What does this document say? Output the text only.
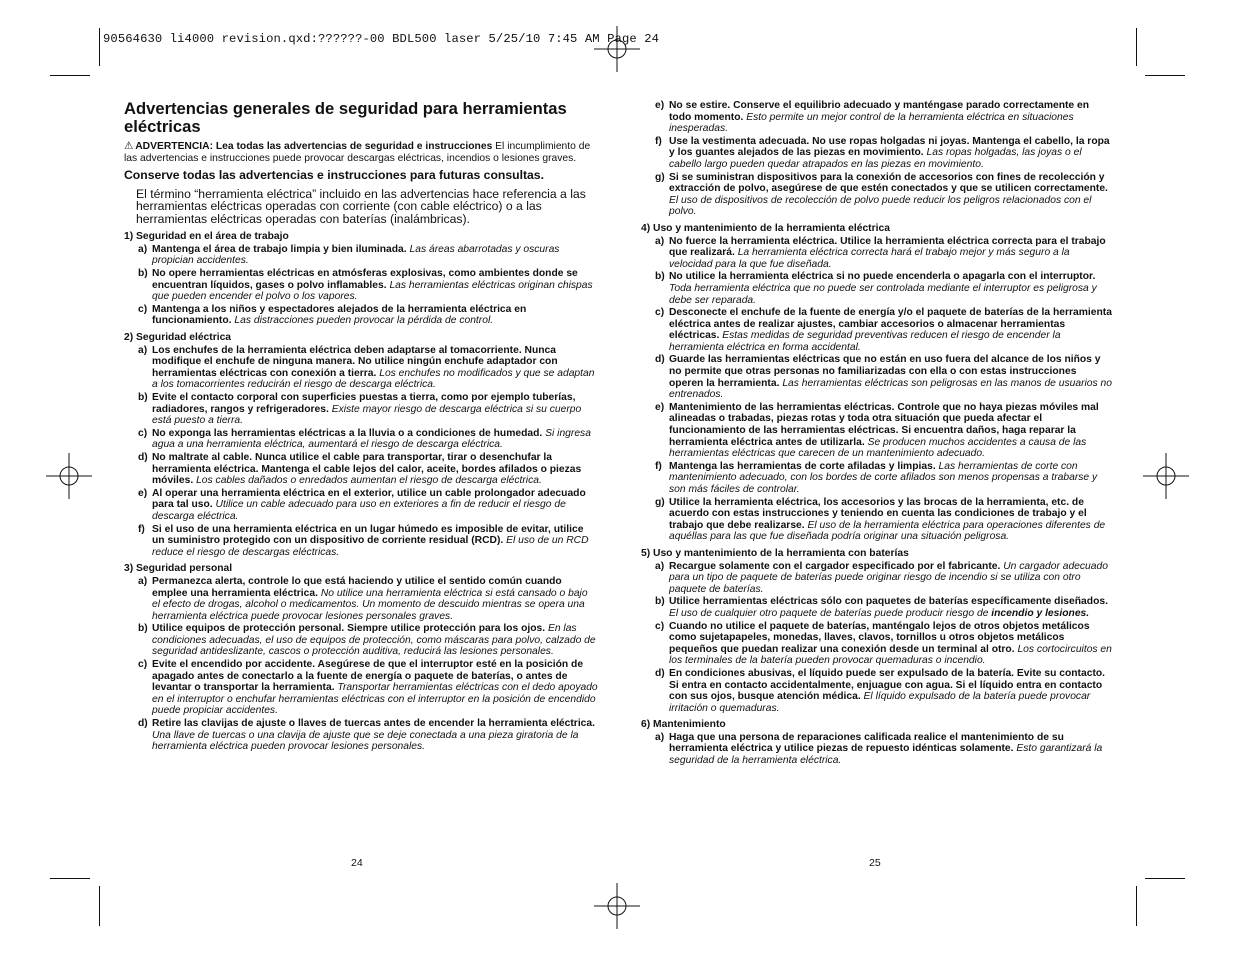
90564630 li4000 revision.qxd:??????-00 BDL500 laser 5/25/10 7:45 AM Page 24
Advertencias generales de seguridad para herramientas eléctricas
⚠ ADVERTENCIA: Lea todas las advertencias de seguridad e instrucciones El incumplimiento de las advertencias e instrucciones puede provocar descargas eléctricas, incendios o lesiones graves.
Conserve todas las advertencias e instrucciones para futuras consultas.
El término “herramienta eléctrica” incluido en las advertencias hace referencia a las herramientas eléctricas operadas con corriente (con cable eléctrico) o a las herramientas eléctricas operadas con baterías (inalámbricas).
1) Seguridad en el área de trabajo
a) Mantenga el área de trabajo limpia y bien iluminada. Las áreas abarrotadas y oscuras propician accidentes.
b) No opere herramientas eléctricas en atmósferas explosivas, como ambientes donde se encuentran líquidos, gases o polvo inflamables. Las herramientas eléctricas originan chispas que pueden encender el polvo o los vapores.
c) Mantenga a los niños y espectadores alejados de la herramienta eléctrica en funcionamiento. Las distracciones pueden provocar la pérdida de control.
2) Seguridad eléctrica
a) Los enchufes de la herramienta eléctrica deben adaptarse al tomacorriente. Nunca modifique el enchufe de ninguna manera. No utilice ningún enchufe adaptador con herramientas eléctricas con conexión a tierra. Los enchufes no modificados y que se adaptan a los tomacorrientes reducirán el riesgo de descarga eléctrica.
b) Evite el contacto corporal con superficies puestas a tierra, como por ejemplo tuberías, radiadores, rangos y refrigeradores. Existe mayor riesgo de descarga eléctrica si su cuerpo está puesto a tierra.
c) No exponga las herramientas eléctricas a la lluvia o a condiciones de humedad. Si ingresa agua a una herramienta eléctrica, aumentará el riesgo de descarga eléctrica.
d) No maltrate al cable. Nunca utilice el cable para transportar, tirar o desenchufar la herramienta eléctrica. Mantenga el cable lejos del calor, aceite, bordes afilados o piezas móviles. Los cables dañados o enredados aumentan el riesgo de descarga eléctrica.
e) Al operar una herramienta eléctrica en el exterior, utilice un cable prolongador adecuado para tal uso. Utilice un cable adecuado para uso en exteriores a fin de reducir el riesgo de descarga eléctrica.
f) Si el uso de una herramienta eléctrica en un lugar húmedo es imposible de evitar, utilice un suministro protegido con un dispositivo de corriente residual (RCD). El uso de un RCD reduce el riesgo de descargas eléctricas.
3) Seguridad personal
a) Permanezca alerta, controle lo que está haciendo y utilice el sentido común cuando emplee una herramienta eléctrica. No utilice una herramienta eléctrica si está cansado o bajo el efecto de drogas, alcohol o medicamentos. Un momento de descuido mientras se opera una herramienta eléctrica puede provocar lesiones personales graves.
b) Utilice equipos de protección personal. Siempre utilice protección para los ojos. En las condiciones adecuadas, el uso de equipos de protección, como máscaras para polvo, calzado de seguridad antideslizante, cascos o protección auditiva, reducirá las lesiones personales.
c) Evite el encendido por accidente. Asegúrese de que el interruptor esté en la posición de apagado antes de conectarlo a la fuente de energía o paquete de baterías, o antes de levantar o transportar la herramienta. Transportar herramientas eléctricas con el dedo apoyado en el interruptor o enchufar herramientas eléctricas con el interruptor en la posición de encendido puede propiciar accidentes.
d) Retire las clavijas de ajuste o llaves de tuercas antes de encender la herramienta eléctrica. Una llave de tuercas o una clavija de ajuste que se deje conectada a una pieza giratoria de la herramienta eléctrica pueden provocar lesiones personales.
24
e) No se estire. Conserve el equilibrio adecuado y manténgase parado correctamente en todo momento. Esto permite un mejor control de la herramienta eléctrica en situaciones inesperadas.
f) Use la vestimenta adecuada. No use ropas holgadas ni joyas. Mantenga el cabello, la ropa y los guantes alejados de las piezas en movimiento. Las ropas holgadas, las joyas o el cabello largo pueden quedar atrapados en las piezas en movimiento.
g) Si se suministran dispositivos para la conexión de accesorios con fines de recolección y extracción de polvo, asegúrese de que estén conectados y que se utilicen correctamente. El uso de dispositivos de recolección de polvo puede reducir los peligros relacionados con el polvo.
4) Uso y mantenimiento de la herramienta eléctrica
a) No fuerce la herramienta eléctrica. Utilice la herramienta eléctrica correcta para el trabajo que realizará. La herramienta eléctrica correcta hará el trabajo mejor y más seguro a la velocidad para la que fue diseñada.
b) No utilice la herramienta eléctrica si no puede encenderla o apagarla con el interruptor. Toda herramienta eléctrica que no puede ser controlada mediante el interruptor es peligrosa y debe ser reparada.
c) Desconecte el enchufe de la fuente de energía y/o el paquete de baterías de la herramienta eléctrica antes de realizar ajustes, cambiar accesorios o almacenar herramientas eléctricas. Estas medidas de seguridad preventivas reducen el riesgo de encender la herramienta eléctrica en forma accidental.
d) Guarde las herramientas eléctricas que no están en uso fuera del alcance de los niños y no permite que otras personas no familiarizadas con ella o con estas instrucciones operen la herramienta. Las herramientas eléctricas son peligrosas en las manos de usuarios no entrenados.
e) Mantenimiento de las herramientas eléctricas. Controle que no haya piezas móviles mal alineadas o trabadas, piezas rotas y toda otra situación que pueda afectar el funcionamiento de las herramientas eléctricas. Si encuentra daños, haga reparar la herramienta eléctrica antes de utilizarla. Se producen muchos accidentes a causa de las herramientas eléctricas que carecen de un mantenimiento adecuado.
f) Mantenga las herramientas de corte afiladas y limpias. Las herramientas de corte con mantenimiento adecuado, con los bordes de corte afilados son menos propensas a trabarse y son más fáciles de controlar.
g) Utilice la herramienta eléctrica, los accesorios y las brocas de la herramienta, etc. de acuerdo con estas instrucciones y teniendo en cuenta las condiciones de trabajo y el trabajo que debe realizarse. El uso de la herramienta eléctrica para operaciones diferentes de aquéllas para las que fue diseñada podría originar una situación peligrosa.
5) Uso y mantenimiento de la herramienta con baterías
a) Recargue solamente con el cargador especificado por el fabricante. Un cargador adecuado para un tipo de paquete de baterías puede originar riesgo de incendio si se utiliza con otro paquete de baterías.
b) Utilice herramientas eléctricas sólo con paquetes de baterías específicamente diseñados. El uso de cualquier otro paquete de baterías puede producir riesgo de incendio y lesiones.
c) Cuando no utilice el paquete de baterías, manténgalo lejos de otros objetos metálicos como sujetapapeles, monedas, llaves, clavos, tornillos u otros objetos metálicos pequeños que puedan realizar una conexión desde un terminal al otro. Los cortocircuitos en los terminales de la batería pueden provocar quemaduras o incendio.
d) En condiciones abusivas, el líquido puede ser expulsado de la batería. Evite su contacto. Si entra en contacto accidentalmente, enjuague con agua. Si el líquido entra en contacto con sus ojos, busque atención médica. El líquido expulsado de la batería puede provocar irritación o quemaduras.
6) Mantenimiento
a) Haga que una persona de reparaciones calificada realice el mantenimiento de su herramienta eléctrica y utilice piezas de repuesto idénticas solamente. Esto garantizará la seguridad de la herramienta eléctrica.
25
